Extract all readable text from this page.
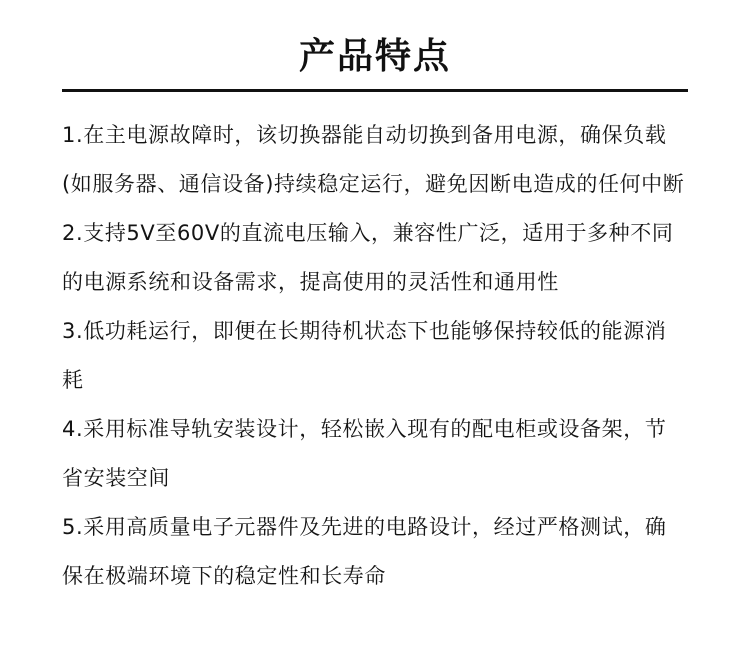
产品特点
1.在主电源故障时，该切换器能自动切换到备用电源，确保负载
(如服务器、通信设备)持续稳定运行，避免因断电造成的任何中断
2.支持5V至60V的直流电压输入，兼容性广泛，适用于多种不同
的电源系统和设备需求，提高使用的灵活性和通用性
3.低功耗运行，即便在长期待机状态下也能够保持较低的能源消
耗
4.采用标准导轨安装设计，轻松嵌入现有的配电柜或设备架，节
省安装空间
5.采用高质量电子元器件及先进的电路设计，经过严格测试，确
保在极端环境下的稳定性和长寿命
